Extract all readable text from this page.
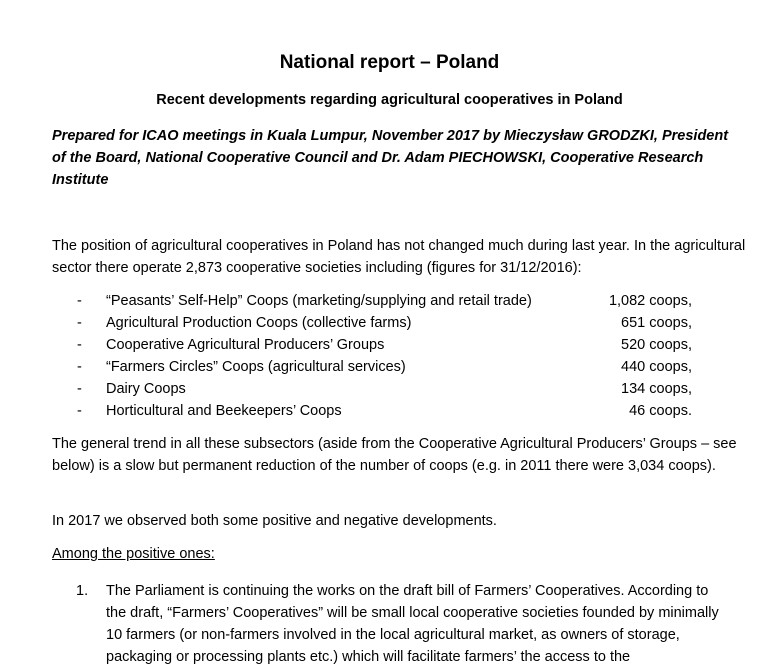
National report – Poland
Recent developments regarding agricultural cooperatives in Poland
Prepared for ICAO meetings in Kuala Lumpur, November 2017 by Mieczysław GRODZKI, President of the Board, National Cooperative Council and Dr. Adam PIECHOWSKI, Cooperative Research Institute
The position of agricultural cooperatives in Poland has not changed much during last year. In the agricultural sector there operate 2,873 cooperative societies including (figures for 31/12/2016):
-	“Peasants’ Self-Help” Coops (marketing/supplying and retail trade)	1,082 coops,
-	Agricultural Production Coops (collective farms)	651 coops,
-	Cooperative Agricultural Producers’ Groups	520 coops,
-	“Farmers Circles” Coops (agricultural services)	440 coops,
-	Dairy Coops	134 coops,
-	Horticultural and Beekeepers’ Coops	46 coops.
The general trend in all these subsectors (aside from the Cooperative Agricultural Producers’ Groups – see below) is a slow but permanent reduction of the number of coops (e.g. in 2011 there were 3,034 coops).
In 2017 we observed both some positive and negative developments.
Among the positive ones:
1.	The Parliament is continuing the works on the draft bill of Farmers’ Cooperatives. According to the draft, “Farmers’ Cooperatives” will be small local cooperative societies founded by minimally 10 farmers (or non-farmers involved in the local agricultural market, as owners of storage, packaging or processing plants etc.) which will facilitate farmers’ the access to the
